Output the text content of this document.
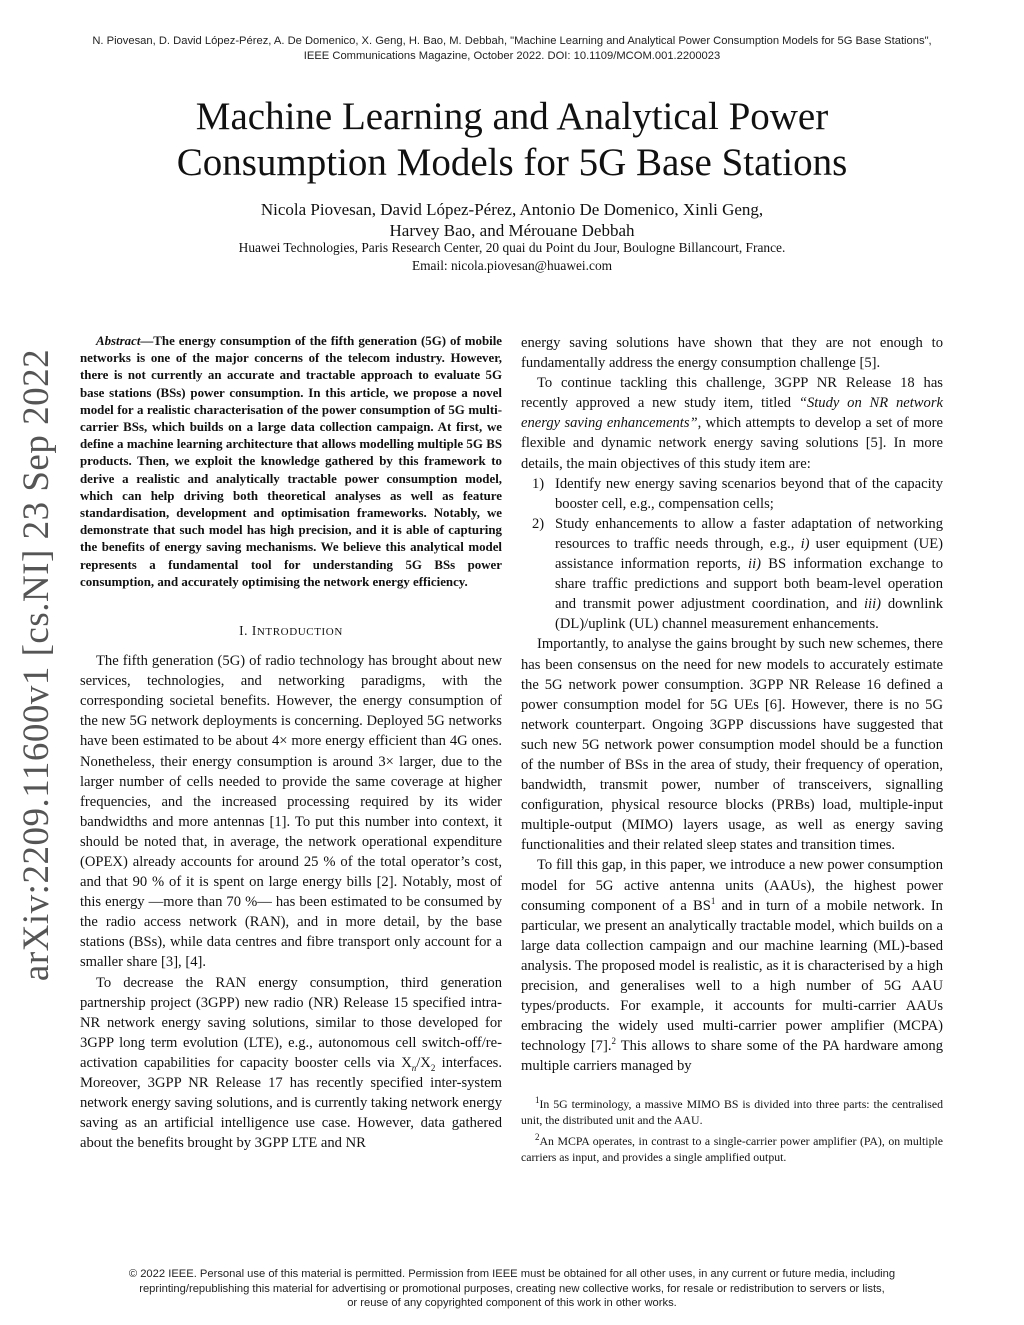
N. Piovesan, D. David López-Pérez, A. De Domenico, X. Geng, H. Bao, M. Debbah, "Machine Learning and Analytical Power Consumption Models for 5G Base Stations",
IEEE Communications Magazine, October 2022. DOI: 10.1109/MCOM.001.2200023
Machine Learning and Analytical Power
Consumption Models for 5G Base Stations
Nicola Piovesan, David López-Pérez, Antonio De Domenico, Xinli Geng,
Harvey Bao, and Mérouane Debbah
Huawei Technologies, Paris Research Center, 20 quai du Point du Jour, Boulogne Billancourt, France.
Email: nicola.piovesan@huawei.com
arXiv:2209.11600v1 [cs.NI] 23 Sep 2022

Abstract—The energy consumption of the fifth generation (5G) of mobile networks is one of the major concerns of the telecom industry. However, there is not currently an accurate and tractable approach to evaluate 5G base stations (BSs) power consumption. In this article, we propose a novel model for a realistic characterisation of the power consumption of 5G multi-carrier BSs, which builds on a large data collection campaign. At first, we define a machine learning architecture that allows modelling multiple 5G BS products. Then, we exploit the knowledge gathered by this framework to derive a realistic and analytically tractable power consumption model, which can help driving both theoretical analyses as well as feature standardisation, development and optimisation frameworks. Notably, we demonstrate that such model has high precision, and it is able of capturing the benefits of energy saving mechanisms. We believe this analytical model represents a fundamental tool for understanding 5G BSs power consumption, and accurately optimising the network energy efficiency.

I. INTRODUCTION

The fifth generation (5G) of radio technology has brought about new services, technologies, and networking paradigms, with the corresponding societal benefits. However, the energy consumption of the new 5G network deployments is concerning. Deployed 5G networks have been estimated to be about 4× more energy efficient than 4G ones. Nonetheless, their energy consumption is around 3× larger, due to the larger number of cells needed to provide the same coverage at higher frequencies, and the increased processing required by its wider bandwidths and more antennas [1]. To put this number into context, it should be noted that, in average, the network operational expenditure (OPEX) already accounts for around 25 % of the total operator’s cost, and that 90 % of it is spent on large energy bills [2]. Notably, most of this energy —more than 70 %— has been estimated to be consumed by the radio access network (RAN), and in more detail, by the base stations (BSs), while data centres and fibre transport only account for a smaller share [3], [4].

To decrease the RAN energy consumption, third generation partnership project (3GPP) new radio (NR) Release 15 specified intra-NR network energy saving solutions, similar to those developed for 3GPP long term evolution (LTE), e.g., autonomous cell switch-off/re-activation capabilities for capacity booster cells via $X_n/X_2$ interfaces. Moreover, 3GPP NR Release 17 has recently specified inter-system network energy saving solutions, and is currently taking network energy saving as an artificial intelligence use case. However, data gathered about the benefits brought by 3GPP LTE and NR

energy saving solutions have shown that they are not enough to fundamentally address the energy consumption challenge [5].

To continue tackling this challenge, 3GPP NR Release 18 has recently approved a new study item, titled “Study on NR network energy saving enhancements”, which attempts to develop a set of more flexible and dynamic network energy saving solutions [5]. In more details, the main objectives of this study item are:

1) Identify new energy saving scenarios beyond that of the capacity booster cell, e.g., compensation cells;
2) Study enhancements to allow a faster adaptation of networking resources to traffic needs through, e.g., i) user equipment (UE) assistance information reports, ii) BS information exchange to share traffic predictions and support both beam-level operation and transmit power adjustment coordination, and iii) downlink (DL)/uplink (UL) channel measurement enhancements.

Importantly, to analyse the gains brought by such new schemes, there has been consensus on the need for new models to accurately estimate the 5G network power consumption. 3GPP NR Release 16 defined a power consumption model for 5G UEs [6]. However, there is no 5G network counterpart. Ongoing 3GPP discussions have suggested that such new 5G network power consumption model should be a function of the number of BSs in the area of study, their frequency of operation, bandwidth, transmit power, number of transceivers, signalling configuration, physical resource blocks (PRBs) load, multiple-input multiple-output (MIMO) layers usage, as well as energy saving functionalities and their related sleep states and transition times.

To fill this gap, in this paper, we introduce a new power consumption model for 5G active antenna units (AAUs), the highest power consuming component of a $BS^1$ and in turn of a mobile network. In particular, we present an analytically tractable model, which builds on a large data collection campaign and our machine learning (ML)-based analysis. The proposed model is realistic, as it is characterised by a high precision, and generalises well to a high number of 5G AAU types/products. For example, it accounts for multi-carrier AAUs embracing the widely used multi-carrier power amplifier (MCPA) technology [7].$^2$ This allows to share some of the PA hardware among multiple carriers managed by

$^1$In 5G terminology, a massive MIMO BS is divided into three parts: the centralised unit, the distributed unit and the AAU.

$^2$An MCPA operates, in contrast to a single-carrier power amplifier (PA), on multiple carriers as input, and provides a single amplified output.

© 2022 IEEE. Personal use of this material is permitted. Permission from IEEE must be obtained for all other uses, in any current or future media, including
reprinting/republishing this material for advertising or promotional purposes, creating new collective works, for resale or redistribution to servers or lists,
or reuse of any copyrighted component of this work in other works.
